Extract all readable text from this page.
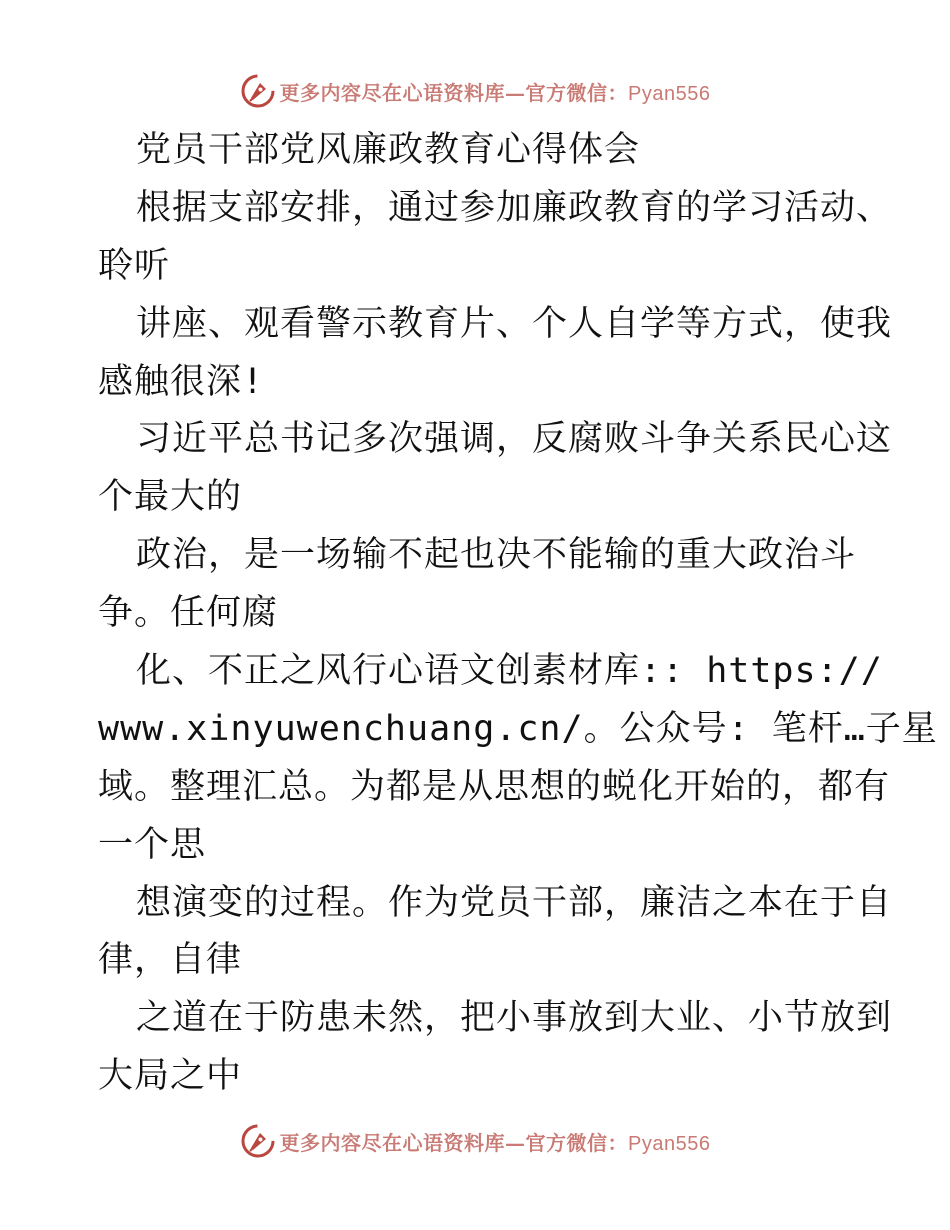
更多内容尽在心语资料库—官方微信：Pyan556
党员干部党风廉政教育心得体会
根据支部安排，通过参加廉政教育的学习活动、
聆听
讲座、观看警示教育片、个人自学等方式，使我
感触很深!
习近平总书记多次强调，反腐败斗争关系民心这
个最大的
政治，是一场输不起也决不能输的重大政治斗
争。任何腐
化、不正之风行心语文创素材库:: https://
www.xinyuwenchuang.cn/。公众号: 笔杆…子星
域。整理汇总。为都是从思想的蜕化开始的，都有
一个思
想演变的过程。作为党员干部，廉洁之本在于自
律，自律
之道在于防患未然，把小事放到大业、小节放到
大局之中
更多内容尽在心语资料库—官方微信：Pyan556
